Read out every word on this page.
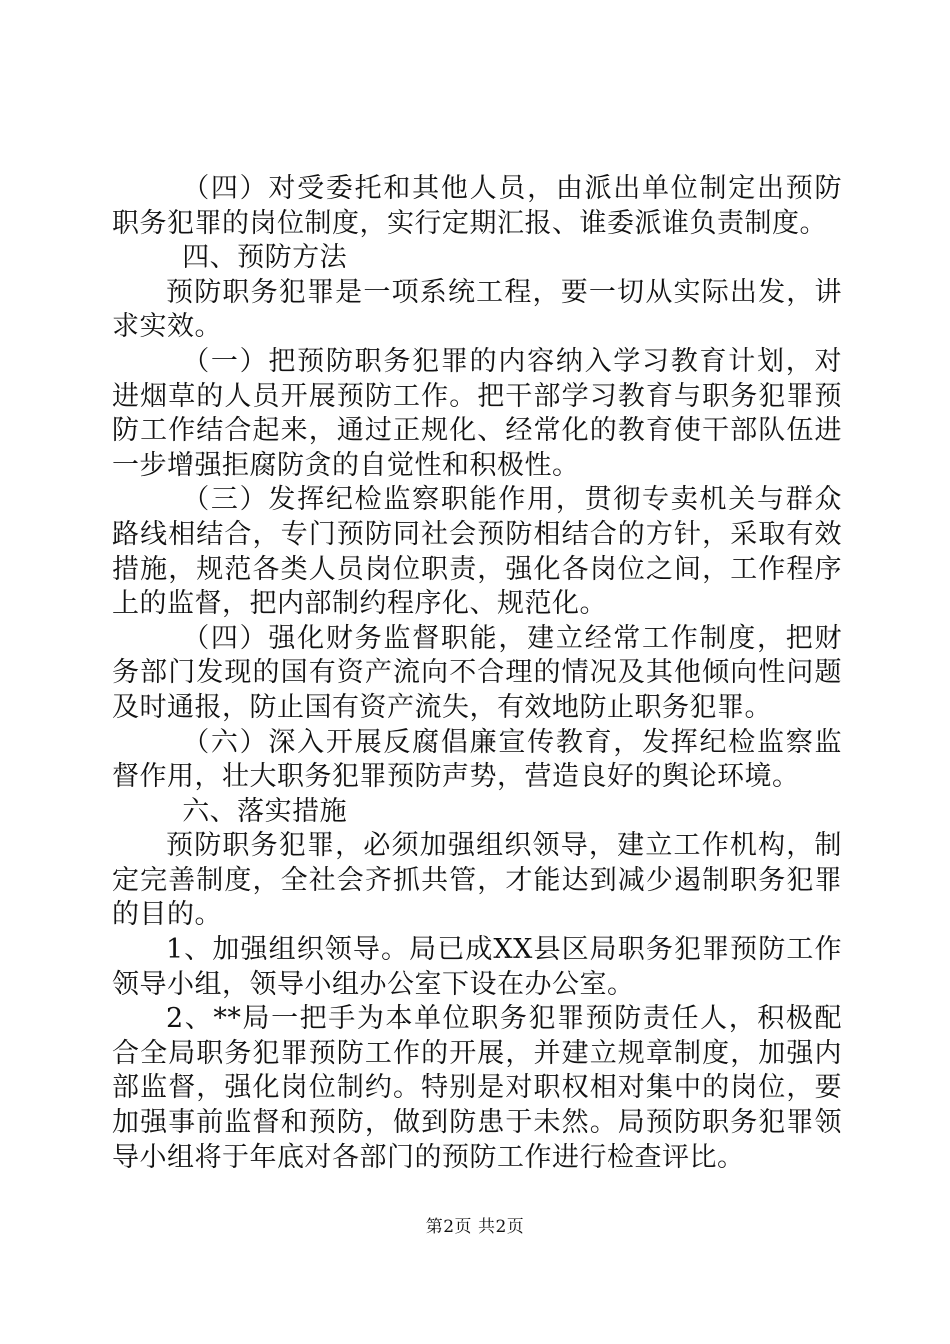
（四）对受委托和其他人员，由派出单位制定出预防职务犯罪的岗位制度，实行定期汇报、谁委派谁负责制度。

四、预防方法

预防职务犯罪是一项系统工程，要一切从实际出发，讲求实效。

（一）把预防职务犯罪的内容纳入学习教育计划，对进烟草的人员开展预防工作。把干部学习教育与职务犯罪预防工作结合起来，通过正规化、经常化的教育使干部队伍进一步增强拒腐防贪的自觉性和积极性。

（三）发挥纪检监察职能作用，贯彻专卖机关与群众路线相结合，专门预防同社会预防相结合的方针，采取有效措施，规范各类人员岗位职责，强化各岗位之间，工作程序上的监督，把内部制约程序化、规范化。

（四）强化财务监督职能，建立经常工作制度，把财务部门发现的国有资产流向不合理的情况及其他倾向性问题及时通报，防止国有资产流失，有效地防止职务犯罪。

（六）深入开展反腐倡廉宣传教育，发挥纪检监察监督作用，壮大职务犯罪预防声势，营造良好的舆论环境。

六、落实措施

预防职务犯罪，必须加强组织领导，建立工作机构，制定完善制度，全社会齐抓共管，才能达到减少遏制职务犯罪的目的。

1、加强组织领导。局已成XX县区局职务犯罪预防工作领导小组，领导小组办公室下设在办公室。

2、**局一把手为本单位职务犯罪预防责任人，积极配合全局职务犯罪预防工作的开展，并建立规章制度，加强内部监督，强化岗位制约。特别是对职权相对集中的岗位，要加强事前监督和预防，做到防患于未然。局预防职务犯罪领导小组将于年底对各部门的预防工作进行检查评比。

第2页 共2页
